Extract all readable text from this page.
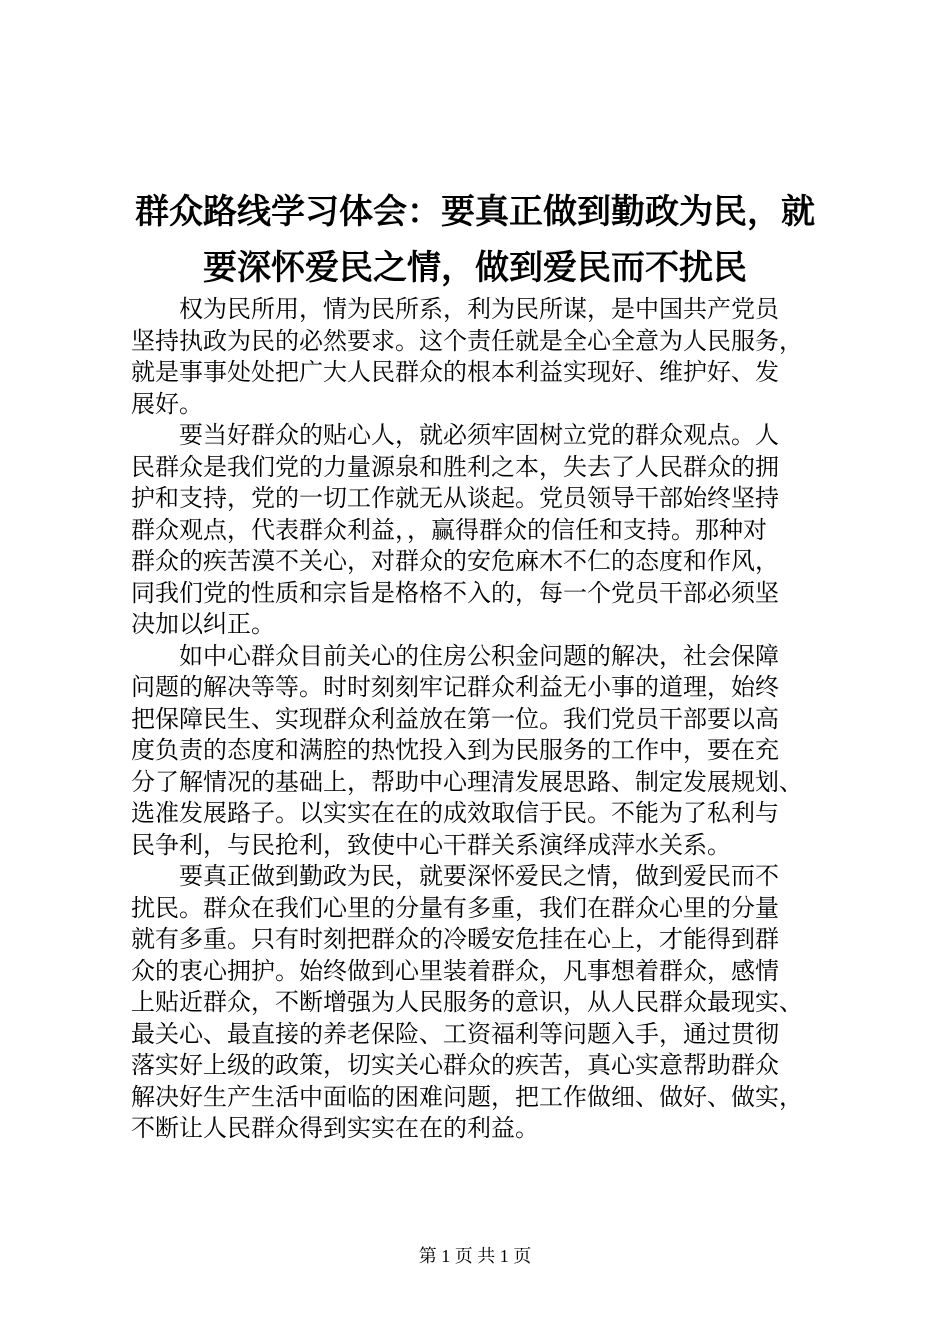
群众路线学习体会：要真正做到勤政为民，就
要深怀爱民之情，做到爱民而不扰民

　　权为民所用，情为民所系，利为民所谋，是中国共产党员
坚持执政为民的必然要求。这个责任就是全心全意为人民服务，
就是事事处处把广大人民群众的根本利益实现好、维护好、发
展好。

　　要当好群众的贴心人，就必须牢固树立党的群众观点。人
民群众是我们党的力量源泉和胜利之本，失去了人民群众的拥
护和支持，党的一切工作就无从谈起。党员领导干部始终坚持
群众观点，代表群众利益，，赢得群众的信任和支持。那种对
群众的疾苦漠不关心，对群众的安危麻木不仁的态度和作风，
同我们党的性质和宗旨是格格不入的，每一个党员干部必须坚
决加以纠正。

　　如中心群众目前关心的住房公积金问题的解决，社会保障
问题的解决等等。时时刻刻牢记群众利益无小事的道理，始终
把保障民生、实现群众利益放在第一位。我们党员干部要以高
度负责的态度和满腔的热忱投入到为民服务的工作中，要在充
分了解情况的基础上，帮助中心理清发展思路、制定发展规划、
选准发展路子。以实实在在的成效取信于民。不能为了私利与
民争利，与民抢利，致使中心干群关系演绎成萍水关系。

　　要真正做到勤政为民，就要深怀爱民之情，做到爱民而不
扰民。群众在我们心里的分量有多重，我们在群众心里的分量
就有多重。只有时刻把群众的冷暖安危挂在心上，才能得到群
众的衷心拥护。始终做到心里装着群众，凡事想着群众，感情
上贴近群众，不断增强为人民服务的意识，从人民群众最现实、
最关心、最直接的养老保险、工资福利等问题入手，通过贯彻
落实好上级的政策，切实关心群众的疾苦，真心实意帮助群众
解决好生产生活中面临的困难问题，把工作做细、做好、做实，
不断让人民群众得到实实在在的利益。

第 1 页 共 1 页
